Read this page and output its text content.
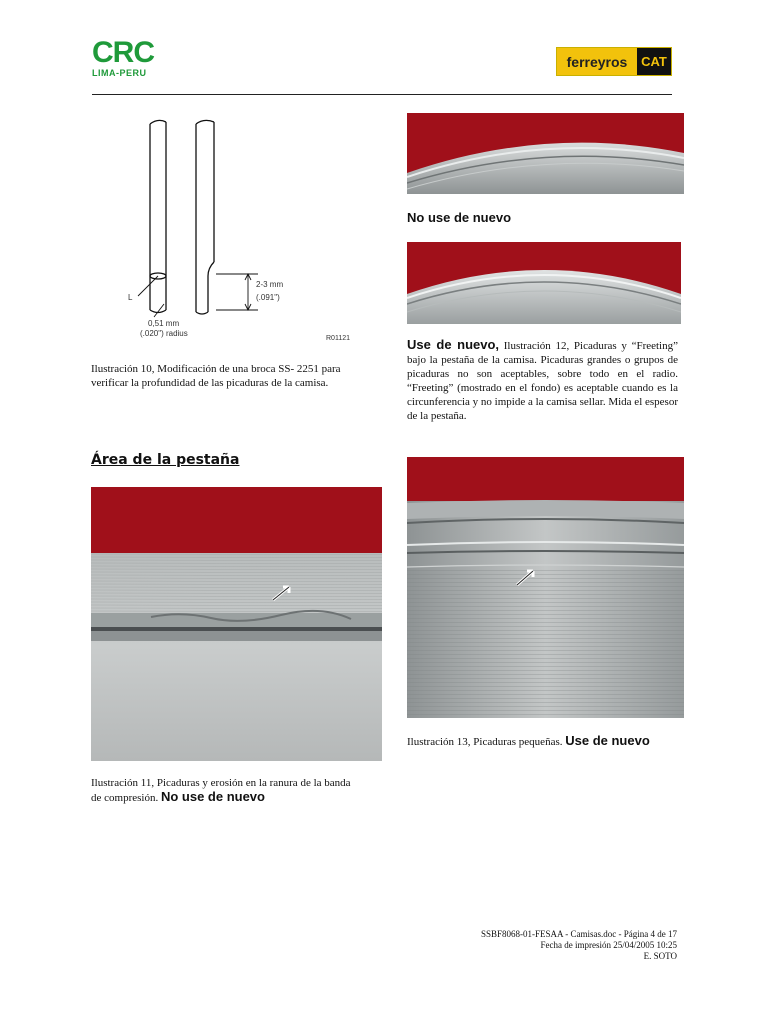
CRC
LIMA-PERU
ferreyros	CAT
2-3 mm
(.091")
L
0,51 mm
(.020") radius
R01121
Ilustración 10, Modificación de una broca SS- 2251 para verificar la profundidad de las picaduras de la camisa.
Área de la pestaña
Ilustración 11, Picaduras y erosión en la ranura de la banda de compresión. No use de nuevo
No use de nuevo
Use de nuevo, Ilustración 12, Picaduras y “Freeting” bajo la pestaña de la camisa. Picaduras grandes o grupos de picaduras no son aceptables, sobre todo en el radio. “Freeting” (mostrado en el fondo) es aceptable cuando es la circunferencia y no impide a la camisa sellar. Mida el espesor de la pestaña.
Ilustración 13, Picaduras pequeñas. Use de nuevo
SSBF8068-01-FESAA - Camisas.doc - Página 4 de 17
Fecha de impresión 25/04/2005 10:25
E. SOTO
